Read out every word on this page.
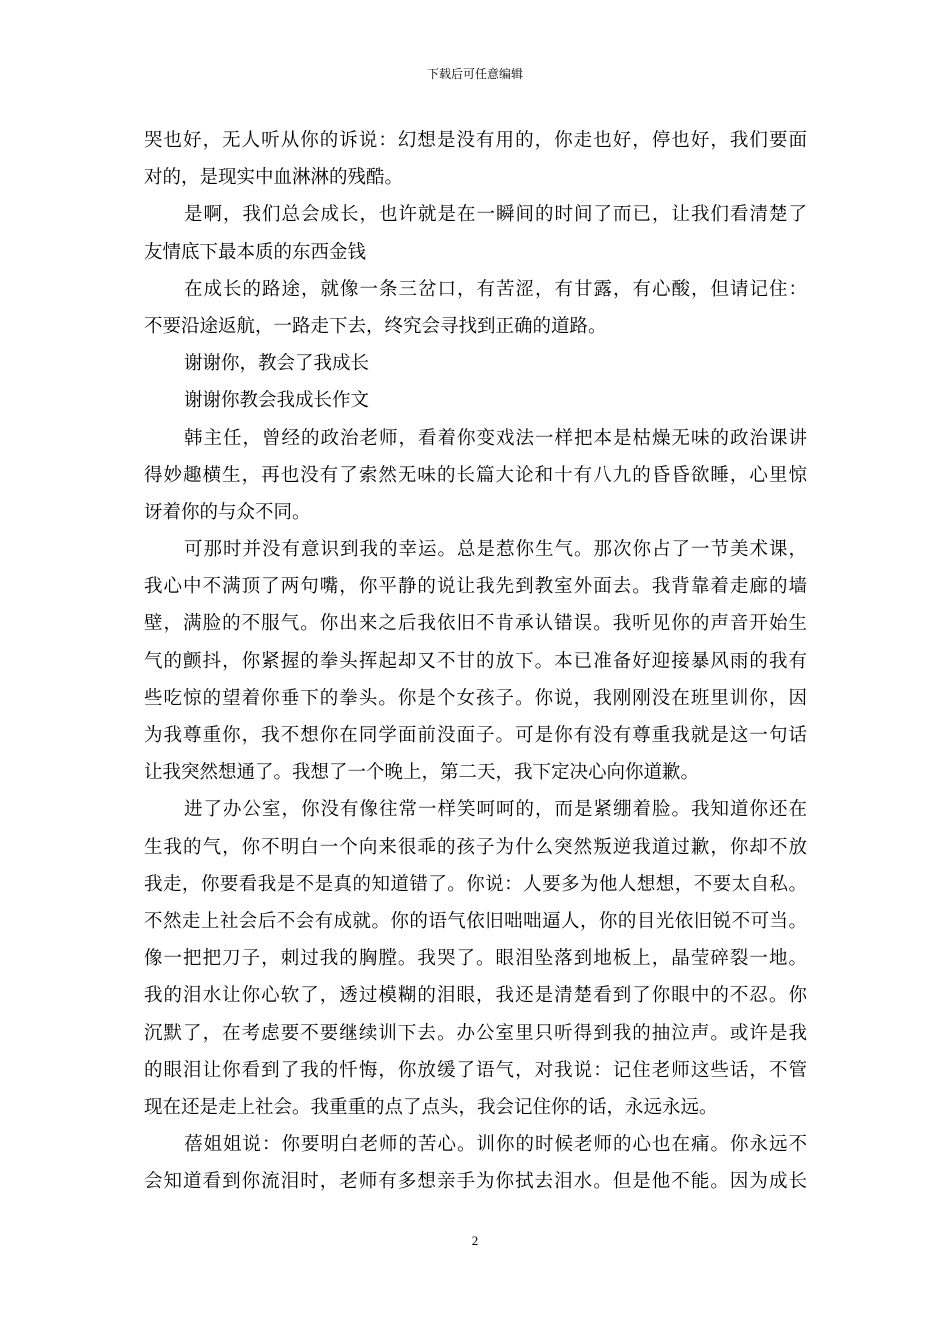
下载后可任意编辑
哭也好，无人听从你的诉说：幻想是没有用的，你走也好，停也好，我们要面
对的，是现实中血淋淋的残酷。
是啊，我们总会成长，也许就是在一瞬间的时间了而已，让我们看清楚了
友情底下最本质的东西金钱
在成长的路途，就像一条三岔口，有苦涩，有甘露，有心酸，但请记住：
不要沿途返航，一路走下去，终究会寻找到正确的道路。
谢谢你，教会了我成长
谢谢你教会我成长作文
韩主任，曾经的政治老师，看着你变戏法一样把本是枯燥无味的政治课讲
得妙趣横生，再也没有了索然无味的长篇大论和十有八九的昏昏欲睡，心里惊
讶着你的与众不同。
可那时并没有意识到我的幸运。总是惹你生气。那次你占了一节美术课，
我心中不满顶了两句嘴，你平静的说让我先到教室外面去。我背靠着走廊的墙
壁，满脸的不服气。你出来之后我依旧不肯承认错误。我听见你的声音开始生
气的颤抖，你紧握的拳头挥起却又不甘的放下。本已准备好迎接暴风雨的我有
些吃惊的望着你垂下的拳头。你是个女孩子。你说，我刚刚没在班里训你，因
为我尊重你，我不想你在同学面前没面子。可是你有没有尊重我就是这一句话
让我突然想通了。我想了一个晚上，第二天，我下定决心向你道歉。
进了办公室，你没有像往常一样笑呵呵的，而是紧绷着脸。我知道你还在
生我的气，你不明白一个向来很乖的孩子为什么突然叛逆我道过歉，你却不放
我走，你要看我是不是真的知道错了。你说：人要多为他人想想，不要太自私。
不然走上社会后不会有成就。你的语气依旧咄咄逼人，你的目光依旧锐不可当。
像一把把刀子，刺过我的胸膛。我哭了。眼泪坠落到地板上，晶莹碎裂一地。
我的泪水让你心软了，透过模糊的泪眼，我还是清楚看到了你眼中的不忍。你
沉默了，在考虑要不要继续训下去。办公室里只听得到我的抽泣声。或许是我
的眼泪让你看到了我的忏悔，你放缓了语气，对我说：记住老师这些话，不管
现在还是走上社会。我重重的点了点头，我会记住你的话，永远永远。
蓓姐姐说：你要明白老师的苦心。训你的时候老师的心也在痛。你永远不
会知道看到你流泪时，老师有多想亲手为你拭去泪水。但是他不能。因为成长
2
